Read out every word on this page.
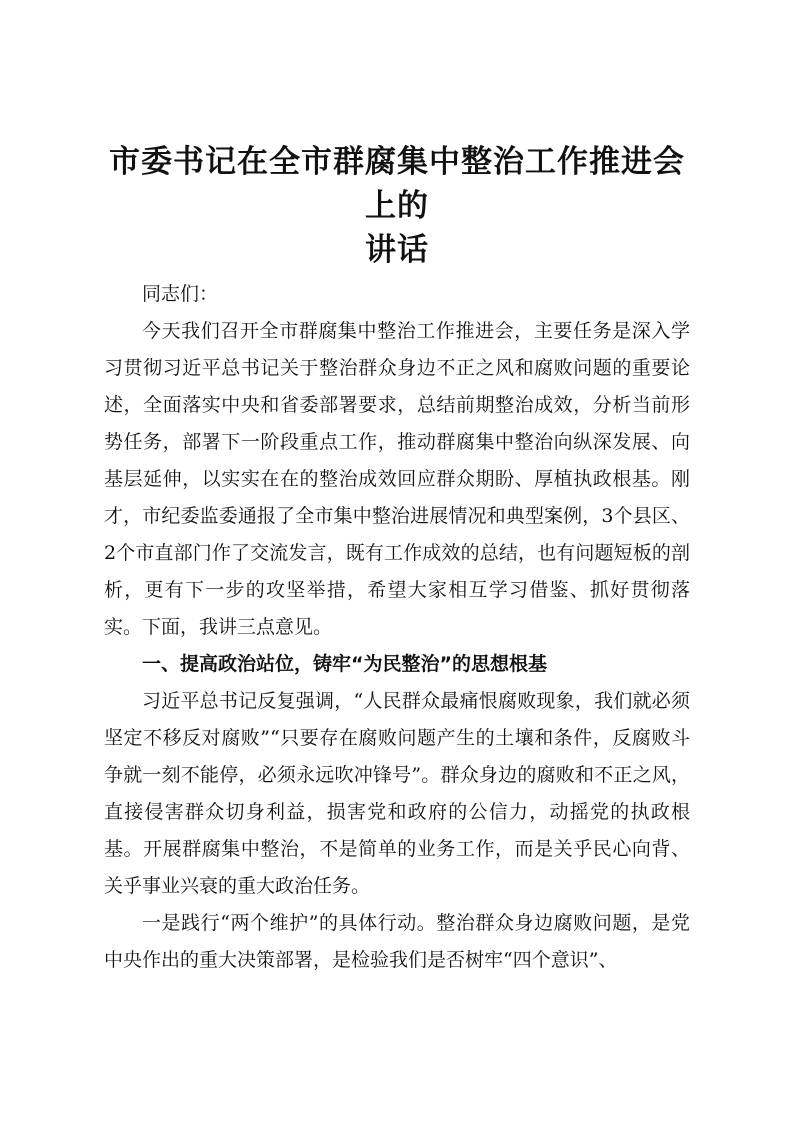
市委书记在全市群腐集中整治工作推进会上的
讲话

同志们：

今天我们召开全市群腐集中整治工作推进会，主要任务是深入学习贯彻习近平总书记关于整治群众身边不正之风和腐败问题的重要论述，全面落实中央和省委部署要求，总结前期整治成效，分析当前形势任务，部署下一阶段重点工作，推动群腐集中整治向纵深发展、向基层延伸，以实实在在的整治成效回应群众期盼、厚植执政根基。刚才，市纪委监委通报了全市集中整治进展情况和典型案例，3个县区、2个市直部门作了交流发言，既有工作成效的总结，也有问题短板的剖析，更有下一步的攻坚举措，希望大家相互学习借鉴、抓好贯彻落实。下面，我讲三点意见。

一、提高政治站位，铸牢“为民整治”的思想根基

习近平总书记反复强调，“人民群众最痛恨腐败现象，我们就必须坚定不移反对腐败”“只要存在腐败问题产生的土壤和条件，反腐败斗争就一刻不能停，必须永远吹冲锋号”。群众身边的腐败和不正之风，直接侵害群众切身利益，损害党和政府的公信力，动摇党的执政根基。开展群腐集中整治，不是简单的业务工作，而是关乎民心向背、关乎事业兴衰的重大政治任务。

一是践行“两个维护”的具体行动。整治群众身边腐败问题，是党中央作出的重大决策部署，是检验我们是否树牢“四个意识”、
